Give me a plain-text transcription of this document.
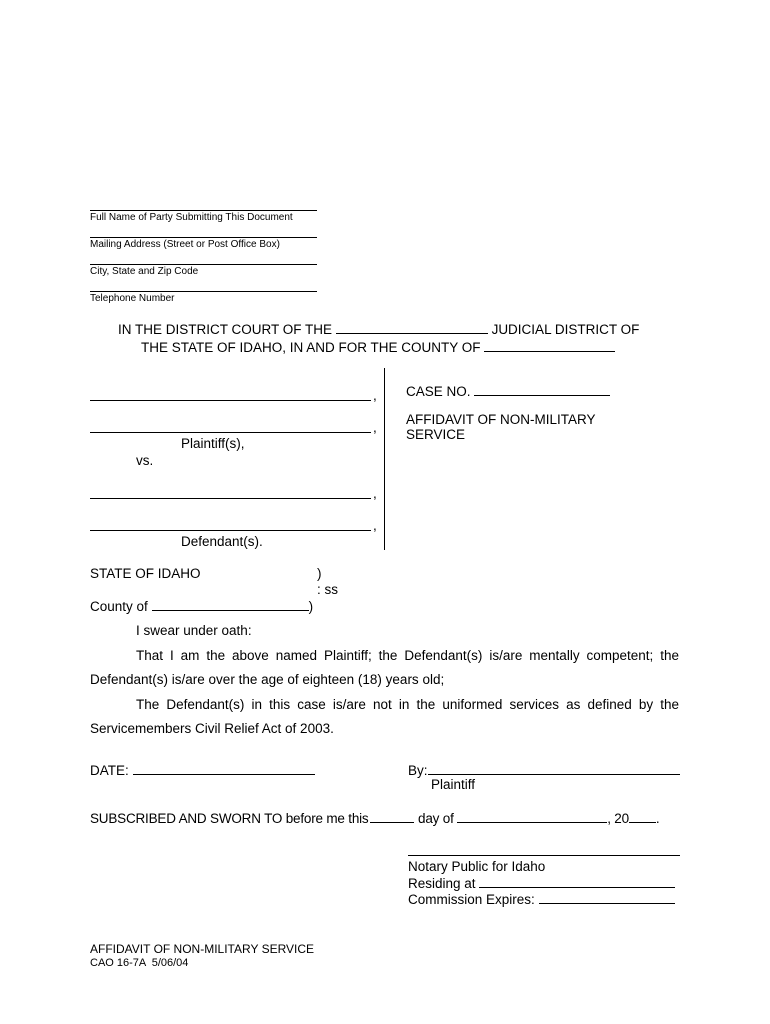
Full Name of Party Submitting This Document
Mailing Address (Street or Post Office Box)
City, State and Zip Code
Telephone Number
IN THE DISTRICT COURT OF THE	JUDICIAL DISTRICT OF
THE STATE OF IDAHO, IN AND FOR THE COUNTY OF
,
,
Plaintiff(s),
vs.
,
,
Defendant(s).
CASE NO.
AFFIDAVIT OF NON-MILITARY
SERVICE
STATE OF IDAHO	)
: ss
County of	)
I swear under oath:
That I am the above named Plaintiff; the Defendant(s) is/are mentally competent; the
Defendant(s) is/are over the age of eighteen (18) years old;
The Defendant(s) in this case is/are not in the uniformed services as defined by the
Servicemembers Civil Relief Act of 2003.
DATE:	By:
Plaintiff
SUBSCRIBED AND SWORN TO before me this	day of	, 20 .
Notary Public for Idaho
Residing at
Commission Expires:
AFFIDAVIT OF NON-MILITARY SERVICE
CAO 16-7A 5/06/04
